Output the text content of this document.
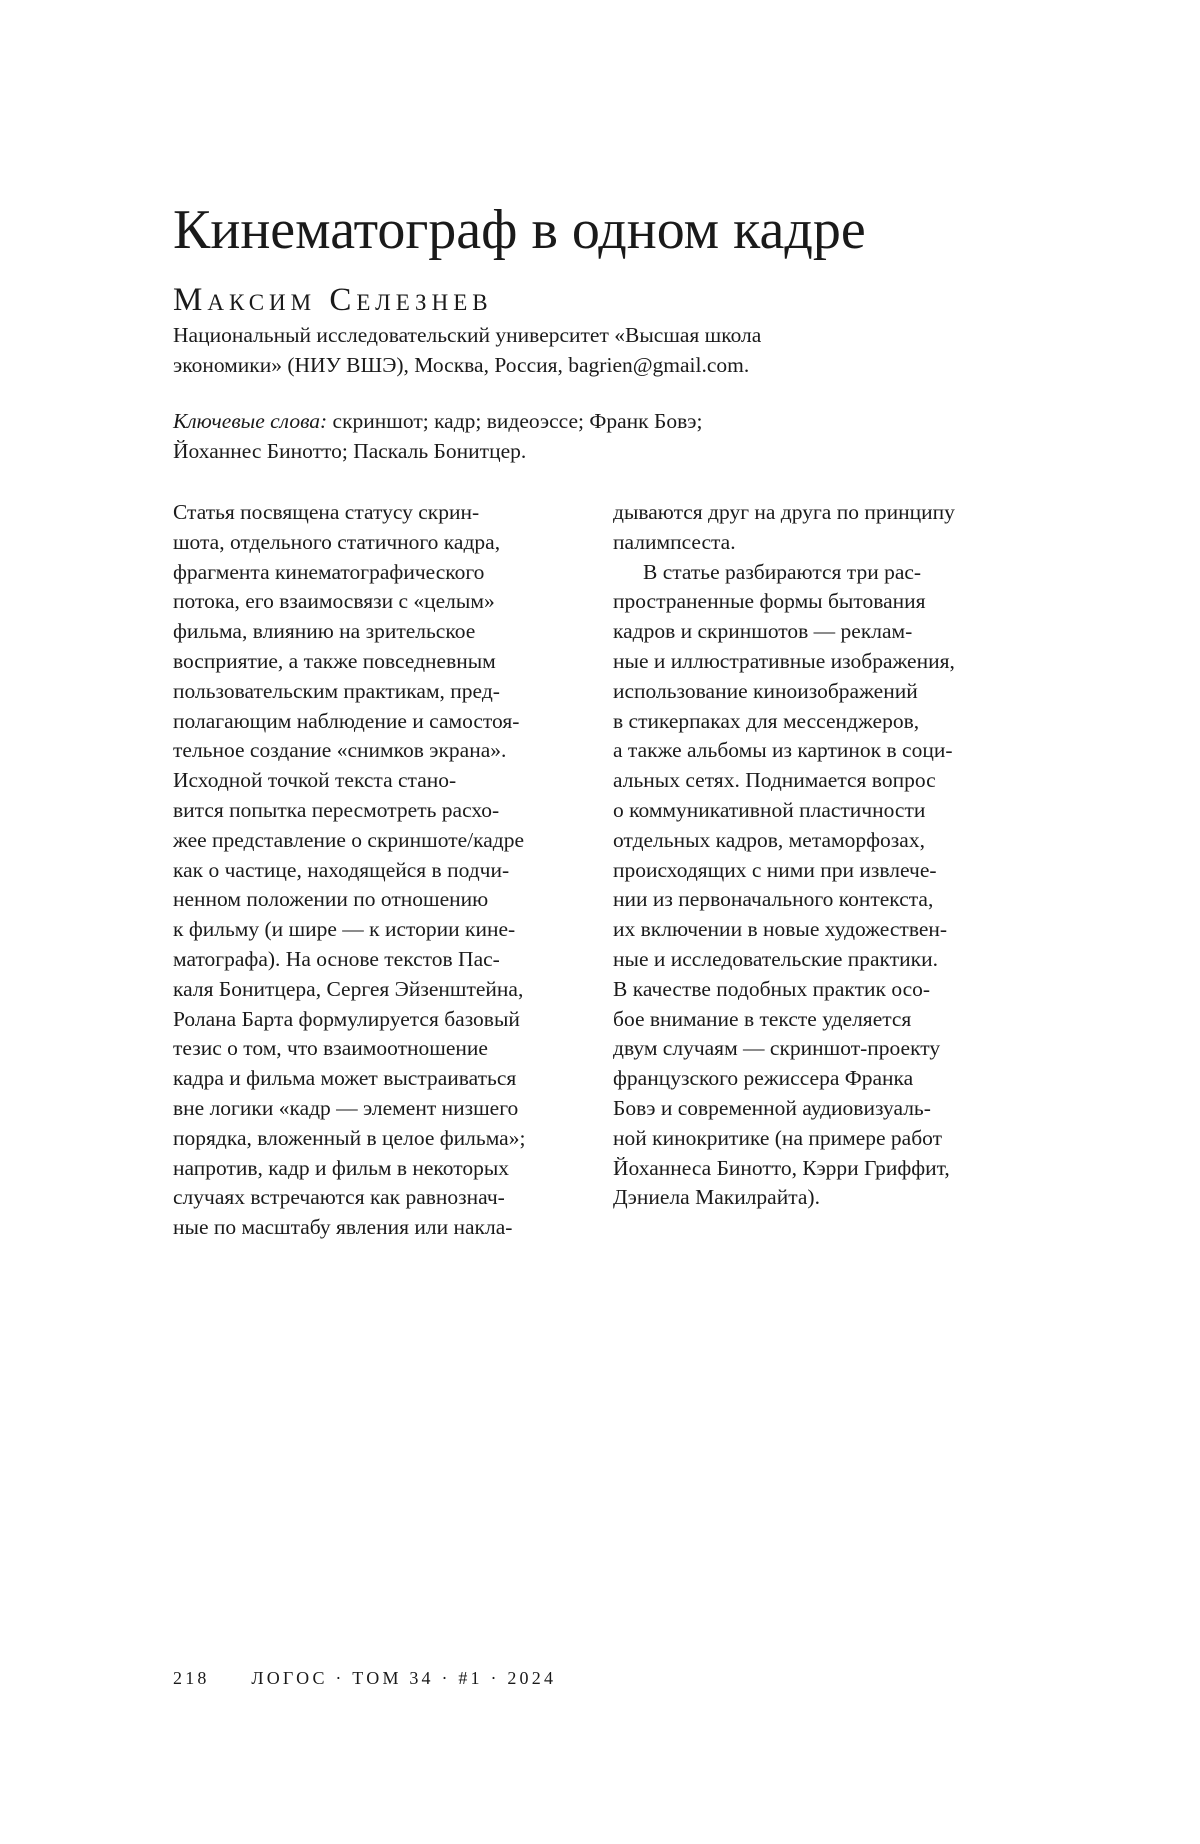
Кинематограф в одном кадре
Максим Селезнев
Национальный исследовательский университет «Высшая школа
экономики» (НИУ ВШЭ), Москва, Россия, bagrien@gmail.com.
Ключевые слова: скриншот; кадр; видеоэссе; Франк Бовэ;
Йоханнес Бинотто; Паскаль Бонитцер.
Статья посвящена статусу скрин-
шота, отдельного статичного кадра,
фрагмента кинематографического
потока, его взаимосвязи с «целым»
фильма, влиянию на зрительское
восприятие, а также повседневным
пользовательским практикам, пред-
полагающим наблюдение и самостоя-
тельное создание «снимков экрана».
Исходной точкой текста стано-
вится попытка пересмотреть расхо-
жее представление о скриншоте/кадре
как о частице, находящейся в подчи-
ненном положении по отношению
к фильму (и шире — к истории кине-
матографа). На основе текстов Пас-
каля Бонитцера, Сергея Эйзенштейна,
Ролана Барта формулируется базовый
тезис о том, что взаимоотношение
кадра и фильма может выстраиваться
вне логики «кадр — элемент низшего
порядка, вложенный в целое фильма»;
напротив, кадр и фильм в некоторых
случаях встречаются как равнознач-
ные по масштабу явления или накла-
дываются друг на друга по принципу
палимпсеста.
В статье разбираются три рас-
пространенные формы бытования
кадров и скриншотов — реклам-
ные и иллюстративные изображения,
использование киноизображений
в стикерпаках для мессенджеров,
а также альбомы из картинок в соци-
альных сетях. Поднимается вопрос
о коммуникативной пластичности
отдельных кадров, метаморфозах,
происходящих с ними при извлече-
нии из первоначального контекста,
их включении в новые художествен-
ные и исследовательские практики.
В качестве подобных практик осо-
бое внимание в тексте уделяется
двум случаям — скриншот-проекту
французского режиссера Франка
Бовэ и современной аудиовизуаль-
ной кинокритике (на примере работ
Йоханнеса Бинотто, Кэрри Гриффит,
Дэниела Макилрайта).
218 ЛОГОС · ТОМ 34 · #1 · 2024
